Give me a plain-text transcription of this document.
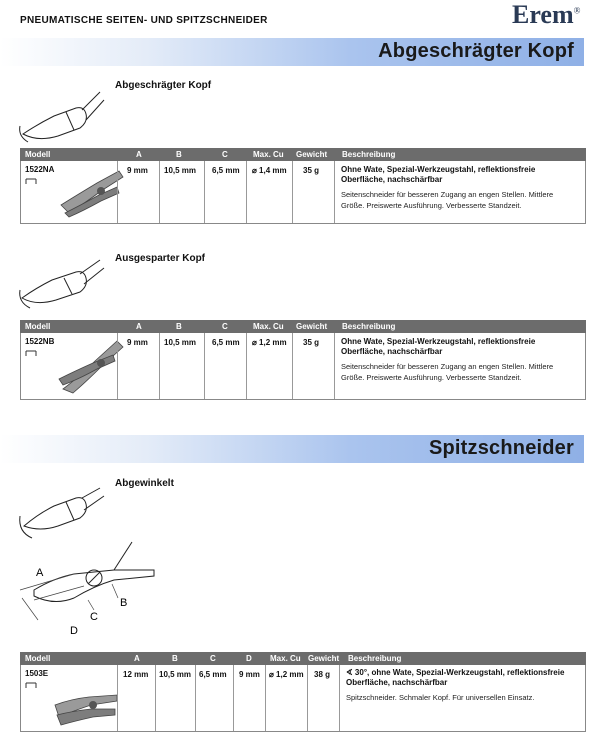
PNEUMATISCHE SEITEN- UND SPITZSCHNEIDER	Erem®
Abgeschrägter Kopf
Abgeschrägter Kopf
Modell	A	B	C	Max. Cu Gewicht Beschreibung
1522NA	9 mm 10,5 mm 6,5 mm ⌀ 1,4 mm 35 g	Ohne Wate, Spezial-Werkzeugstahl, reflektionsfreie
Oberfläche, nachschärfbar
Seitenschneider für besseren Zugang an engen Stellen. Mittlere
Größe. Preiswerte Ausführung. Verbesserte Standzeit.
Ausgesparter Kopf
Modell	A	B	C	Max. Cu Gewicht Beschreibung
1522NB	9 mm 10,5 mm 6,5 mm ⌀ 1,2 mm 35 g	Ohne Wate, Spezial-Werkzeugstahl, reflektionsfreie
Oberfläche, nachschärfbar
Seitenschneider für besseren Zugang an engen Stellen. Mittlere
Größe. Preiswerte Ausführung. Verbesserte Standzeit.
Spitzschneider
Abgewinkelt
A
B
C
D
Modell	A	B	C	D Max. Cu Gewicht Beschreibung
1503E	12 mm 10,5 mm 6,5 mm 9 mm ⌀ 1,2 mm 38 g ∢ 30°, ohne Wate, Spezial-Werkzeugstahl, reflektionsfreie
Oberfläche, nachschärfbar
Spitzschneider. Schmaler Kopf. Für universellen Einsatz.
